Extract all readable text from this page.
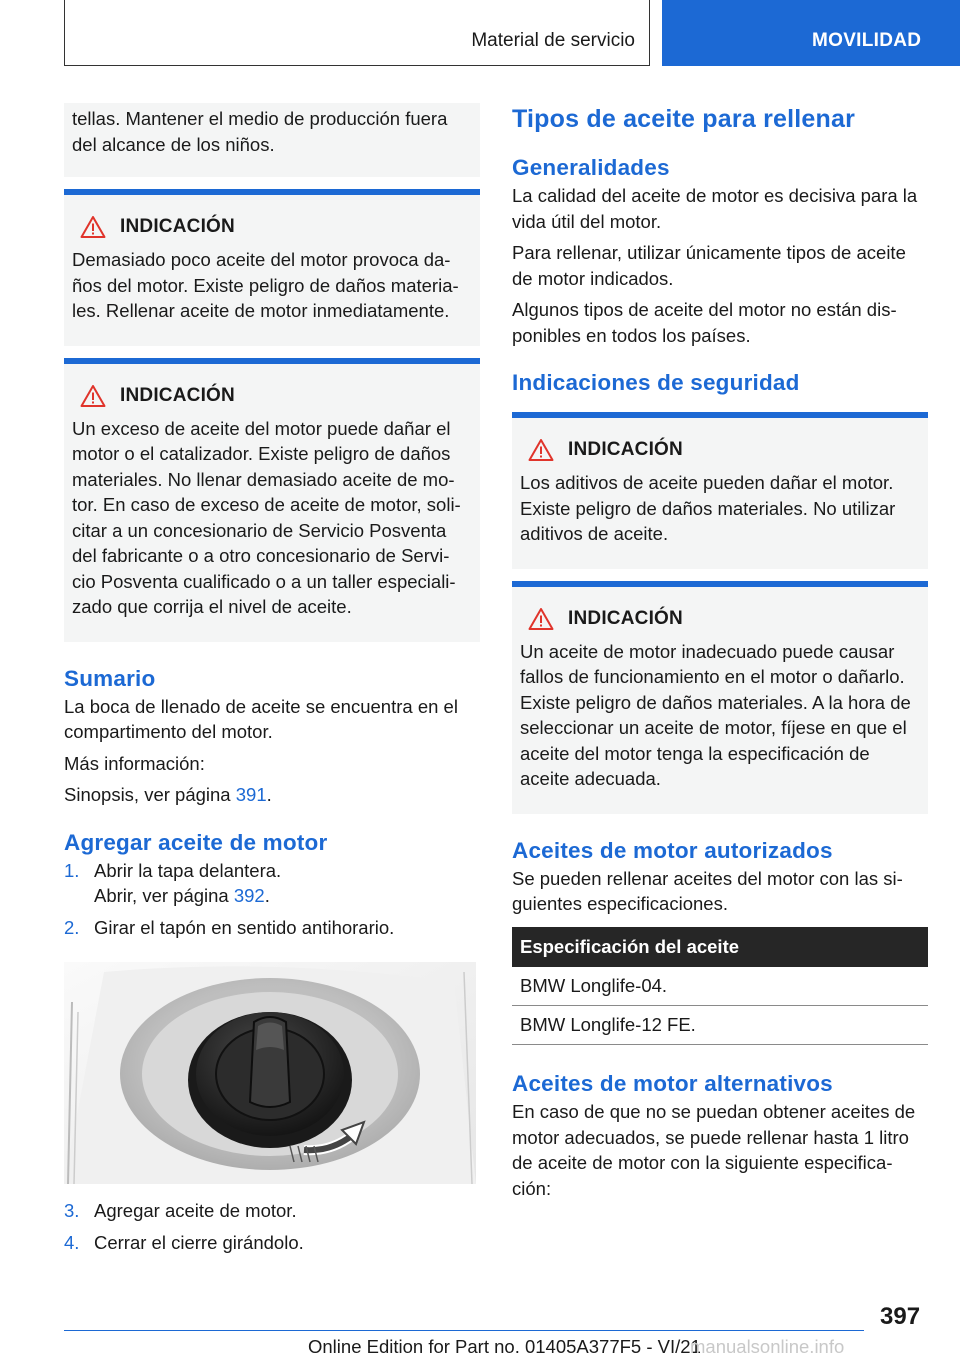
Material de servicio	MOVILIDAD

tellas. Mantener el medio de producción fuera del alcance de los niños.

INDICACIÓN

Demasiado poco aceite del motor provoca da-ños del motor. Existe peligro de daños materia-les. Rellenar aceite de motor inmediatamente.

INDICACIÓN

Un exceso de aceite del motor puede dañar el motor o el catalizador. Existe peligro de daños materiales. No llenar demasiado aceite de mo-tor. En caso de exceso de aceite de motor, soli-citar a un concesionario de Servicio Posventa del fabricante o a otro concesionario de Servi-cio Posventa cualificado o a un taller especiali-zado que corrija el nivel de aceite.

Sumario

La boca de llenado de aceite se encuentra en el compartimento del motor.

Más información:

Sinopsis, ver página 391.

Agregar aceite de motor
1. Abrir la tapa delantera.
Abrir, ver página 392.
2. Girar el tapón en sentido antihorario.
3. Agregar aceite de motor.
4. Cerrar el cierre girándolo.
Tipos de aceite para rellenar
Generalidades

La calidad del aceite de motor es decisiva para la vida útil del motor.

Para rellenar, utilizar únicamente tipos de aceite de motor indicados.

Algunos tipos de aceite del motor no están dis-ponibles en todos los países.

Indicaciones de seguridad
INDICACIÓN

Los aditivos de aceite pueden dañar el motor. Existe peligro de daños materiales. No utilizar aditivos de aceite.

INDICACIÓN

Un aceite de motor inadecuado puede causar fallos de funcionamiento en el motor o dañarlo. Existe peligro de daños materiales. A la hora de seleccionar un aceite de motor, fíjese en que el aceite del motor tenga la especificación de aceite adecuada.

Aceites de motor autorizados

Se pueden rellenar aceites del motor con las si-guientes especificaciones.

Especificación del aceite
BMW Longlife-04.
BMW Longlife-12 FE.
Aceites de motor alternativos

En caso de que no se puedan obtener aceites de motor adecuados, se puede rellenar hasta 1 litro de aceite de motor con la siguiente especifica-ción:

397
Online Edition for Part no. 01405A377F5 - VI/21
manualsonline.info
